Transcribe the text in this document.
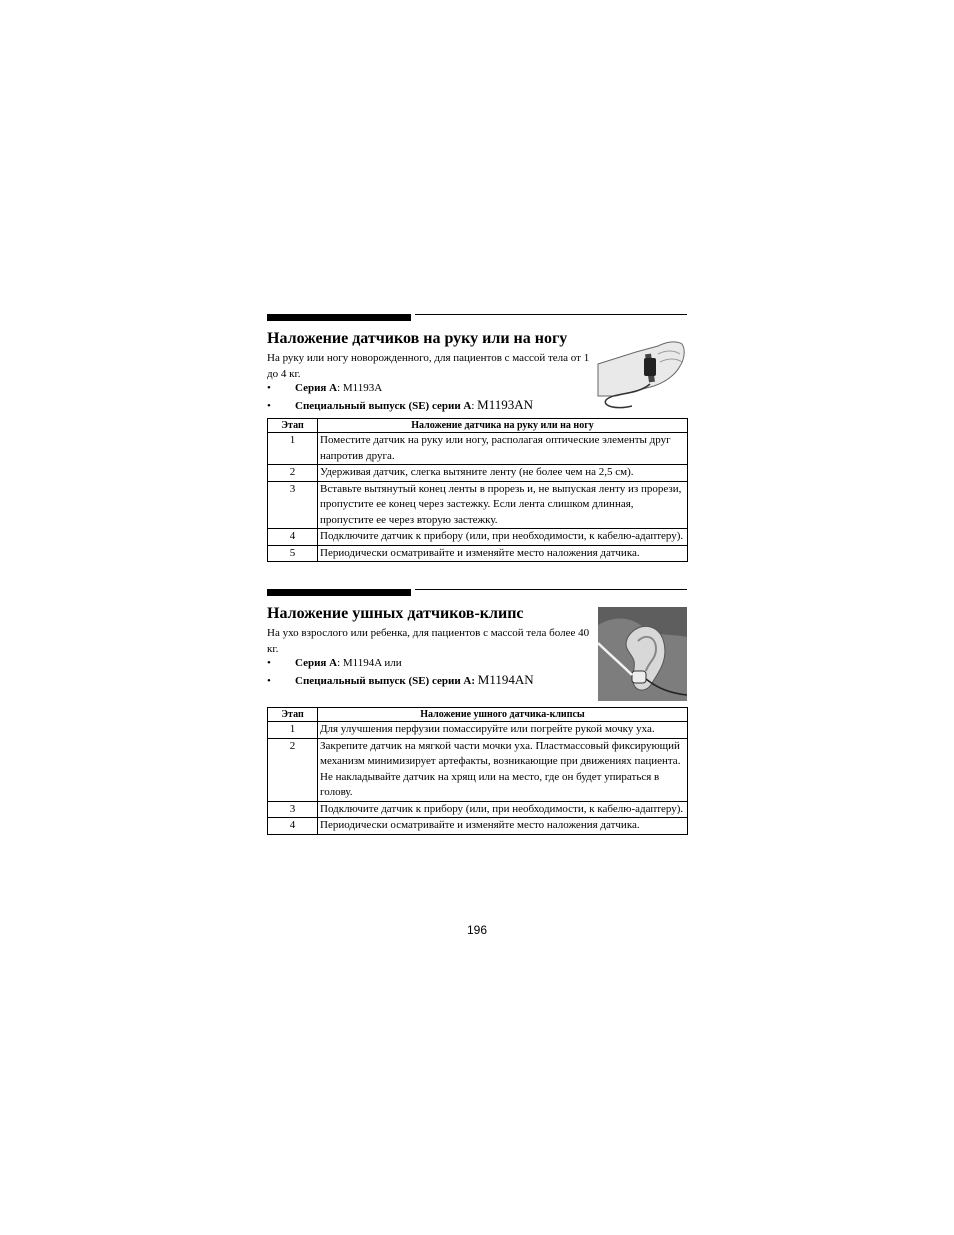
Наложение датчиков на руку или на ногу

На руку или ногу новорожденного, для пациентов с массой тела от 1 до 4 кг.

• Серия A: M1193A
• Специальный выпуск (SE) серии A: M1193AN
Этап	Наложение датчика на руку или на ногу
1	Поместите датчик на руку или ногу, располагая оптические элементы друг напротив друга.
2	Удерживая датчик, слегка вытяните ленту (не более чем на 2,5 см).
3	Вставьте вытянутый конец ленты в прорезь и, не выпуская ленту из прорези, пропустите ее конец через застежку. Если лента слишком длинная, пропустите ее через вторую застежку.
4	Подключите датчик к прибору (или, при необходимости, к кабелю-адаптеру).
5	Периодически осматривайте и изменяйте место наложения датчика.
Наложение ушных датчиков-клипс

На ухо взрослого или ребенка, для пациентов с массой тела более 40 кг.

• Серия A: M1194A или
• Специальный выпуск (SE) серии A: M1194AN
Этап	Наложение ушного датчика-клипсы
1	Для улучшения перфузии помассируйте или погрейте рукой мочку уха.
2	Закрепите датчик на мягкой части мочки уха. Пластмассовый фиксирующий механизм минимизирует артефакты, возникающие при движениях пациента. Не накладывайте датчик на хрящ или на место, где он будет упираться в голову.
3	Подключите датчик к прибору (или, при необходимости, к кабелю-адаптеру).
4	Периодически осматривайте и изменяйте место наложения датчика.
196
